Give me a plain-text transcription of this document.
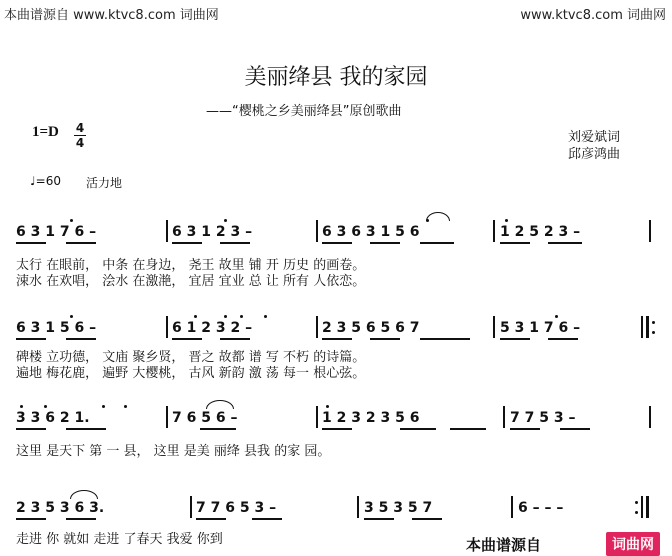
本曲谱源自 www.ktvc8.com 词曲网	www.ktvc8.com 词曲网
美丽绛县 我的家园
——“樱桃之乡美丽绛县”原创歌曲
1=D 4
4	刘爱斌词
邱彦鸿曲
♩=60 活力地
6 3 1 7 6 –	6 3 1 2 3 –	6 3 6 3 1 5 6	1 2 5 2 3 –
太行 在眼前， 中条 在身边， 尧王 故里 铺 开 历史 的画卷。
涑水 在欢唱， 浍水 在激滟， 宜居 宜业 总 让 所有 人依恋。
6 3 1 5 6 –	6 1 2 3 2 –	2 3 5 6 5 6 7	5 3 1 7 6 –
碑楼 立功德， 文庙 聚乡贤， 晋之 故都 谱 写 不朽 的诗篇。
遍地 梅花鹿， 遍野 大樱桃， 古风 新韵 激 荡 每一 根心弦。
3 3 6 2 1.	7 6 5 6 –	1 2 3 2 3 5 6	7 7 5 3 –
这里 是天下 第 一 县， 这里 是美 丽绛 县我 的家 园。
2 3 5 3 6 3.	7 7 6 5 3 –	3 5 3 5 7	6 – – –
走进 你 就如 走进 了春天 我爱 你到	本曲谱源自	词曲网
